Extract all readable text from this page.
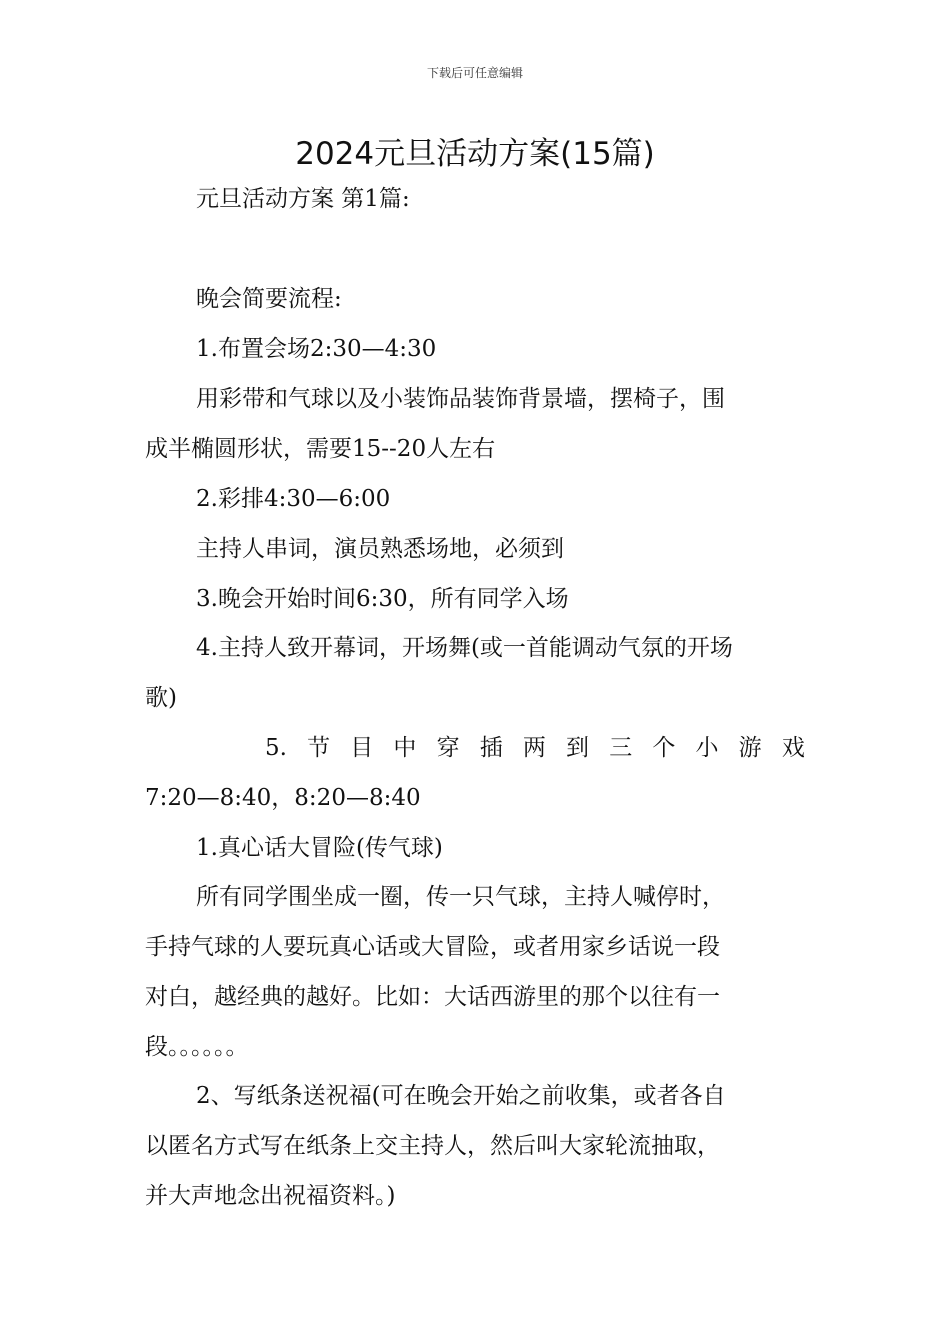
下载后可任意编辑
2024元旦活动方案(15篇)
元旦活动方案 第1篇:
晚会简要流程:
1.布置会场2:30—4:30
用彩带和气球以及小装饰品装饰背景墙，摆椅子，围
成半椭圆形状，需要15--20人左右
2.彩排4:30—6:00
主持人串词，演员熟悉场地，必须到
3.晚会开始时间6:30，所有同学入场
4.主持人致开幕词，开场舞(或一首能调动气氛的开场
歌)
5. 节 目 中 穿 插 两 到 三 个 小 游 戏
7:20—8:40，8:20—8:40
1.真心话大冒险(传气球)
所有同学围坐成一圈，传一只气球，主持人喊停时，
手持气球的人要玩真心话或大冒险，或者用家乡话说一段
对白，越经典的越好。比如：大话西游里的那个以往有一
段。。。。。。
2、写纸条送祝福(可在晚会开始之前收集，或者各自
以匿名方式写在纸条上交主持人，然后叫大家轮流抽取，
并大声地念出祝福资料。)
